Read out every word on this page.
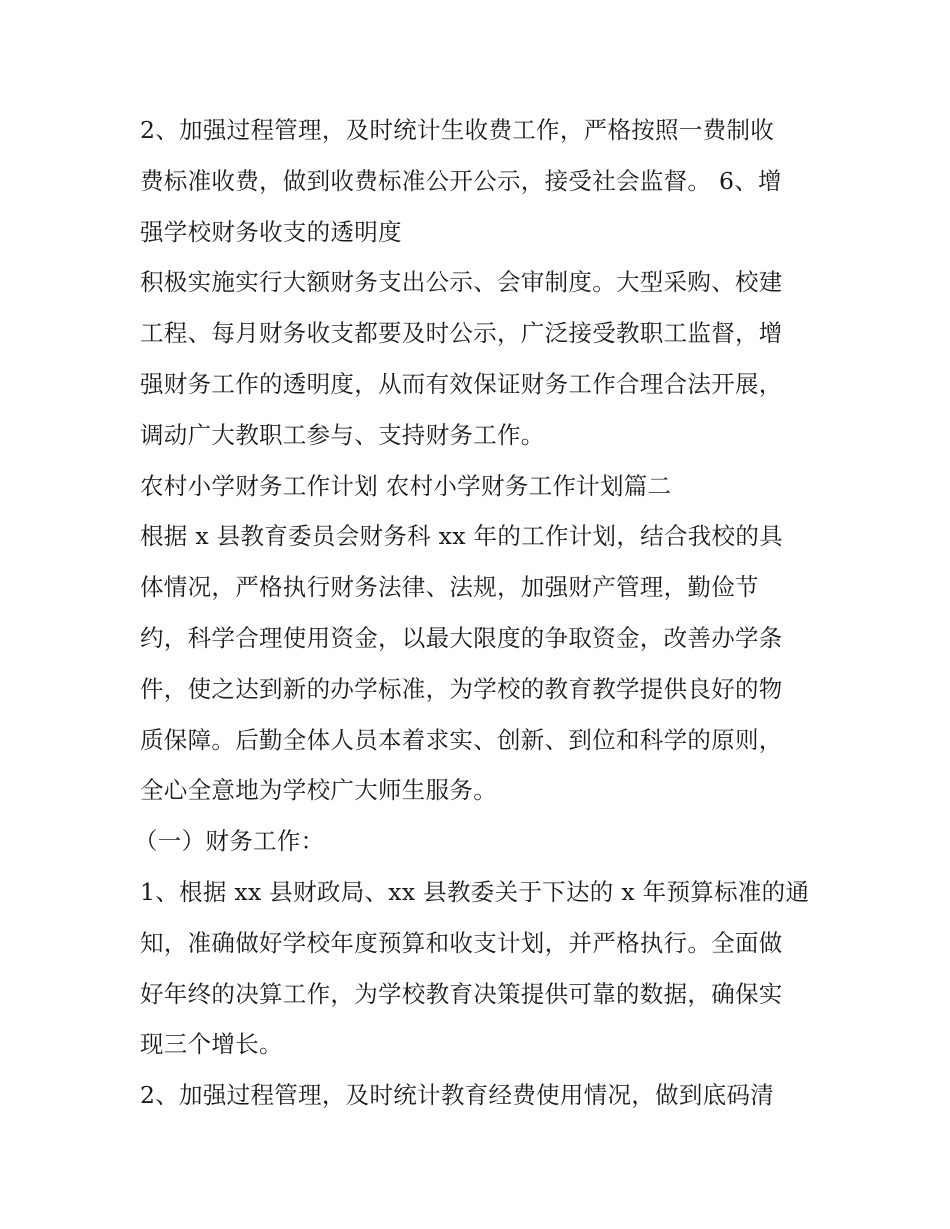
2、加强过程管理，及时统计生收费工作，严格按照一费制收
费标准收费，做到收费标准公开公示，接受社会监督。 6、增
强学校财务收支的透明度
积极实施实行大额财务支出公示、会审制度。大型采购、校建
工程、每月财务收支都要及时公示，广泛接受教职工监督，增
强财务工作的透明度，从而有效保证财务工作合理合法开展，
调动广大教职工参与、支持财务工作。
农村小学财务工作计划 农村小学财务工作计划篇二
根据 x 县教育委员会财务科 xx 年的工作计划，结合我校的具
体情况，严格执行财务法律、法规，加强财产管理，勤俭节
约，科学合理使用资金，以最大限度的争取资金，改善办学条
件，使之达到新的办学标准，为学校的教育教学提供良好的物
质保障。后勤全体人员本着求实、创新、到位和科学的原则，
全心全意地为学校广大师生服务。
（一）财务工作：
1、根据 xx 县财政局、xx 县教委关于下达的 x 年预算标准的通
知，准确做好学校年度预算和收支计划，并严格执行。全面做
好年终的决算工作，为学校教育决策提供可靠的数据，确保实
现三个增长。
2、加强过程管理，及时统计教育经费使用情况，做到底码清
